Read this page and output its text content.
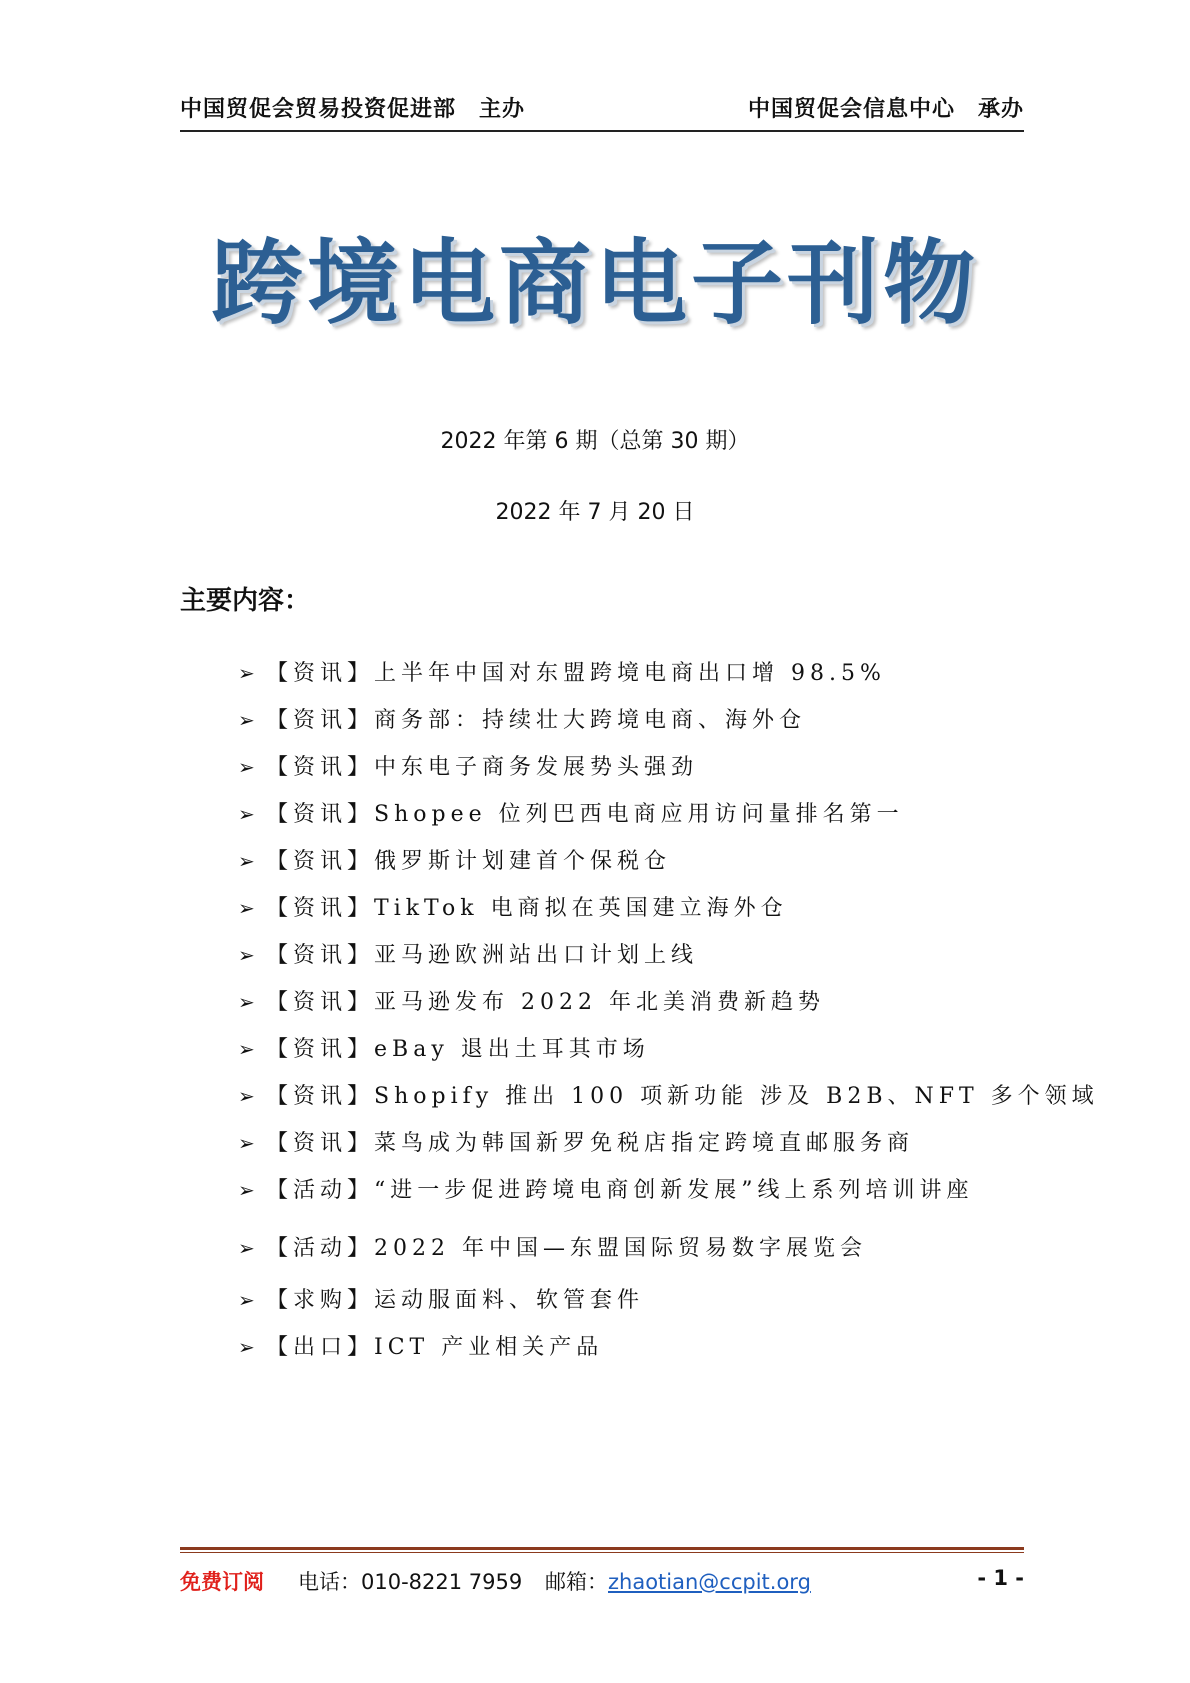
中国贸促会贸易投资促进部　主办	中国贸促会信息中心　承办
跨境电商电子刊物
2022 年第 6 期（总第 30 期）
2022 年 7 月 20 日
主要内容：
➢ 【资讯】上半年中国对东盟跨境电商出口增 98.5%
➢ 【资讯】商务部：持续壮大跨境电商、海外仓
➢ 【资讯】中东电子商务发展势头强劲
➢ 【资讯】Shopee 位列巴西电商应用访问量排名第一
➢ 【资讯】俄罗斯计划建首个保税仓
➢ 【资讯】TikTok 电商拟在英国建立海外仓
➢ 【资讯】亚马逊欧洲站出口计划上线
➢ 【资讯】亚马逊发布 2022 年北美消费新趋势
➢ 【资讯】eBay 退出土耳其市场
➢ 【资讯】Shopify 推出 100 项新功能 涉及 B2B、NFT 多个领域
➢ 【资讯】菜鸟成为韩国新罗免税店指定跨境直邮服务商
➢ 【活动】“进一步促进跨境电商创新发展”线上系列培训讲座
➢ 【活动】2022 年中国—东盟国际贸易数字展览会
➢ 【求购】运动服面料、软管套件
➢ 【出口】ICT 产业相关产品
免费订阅 电话：010-8221 7959 邮箱：zhaotian@ccpit.org	- 1 -
